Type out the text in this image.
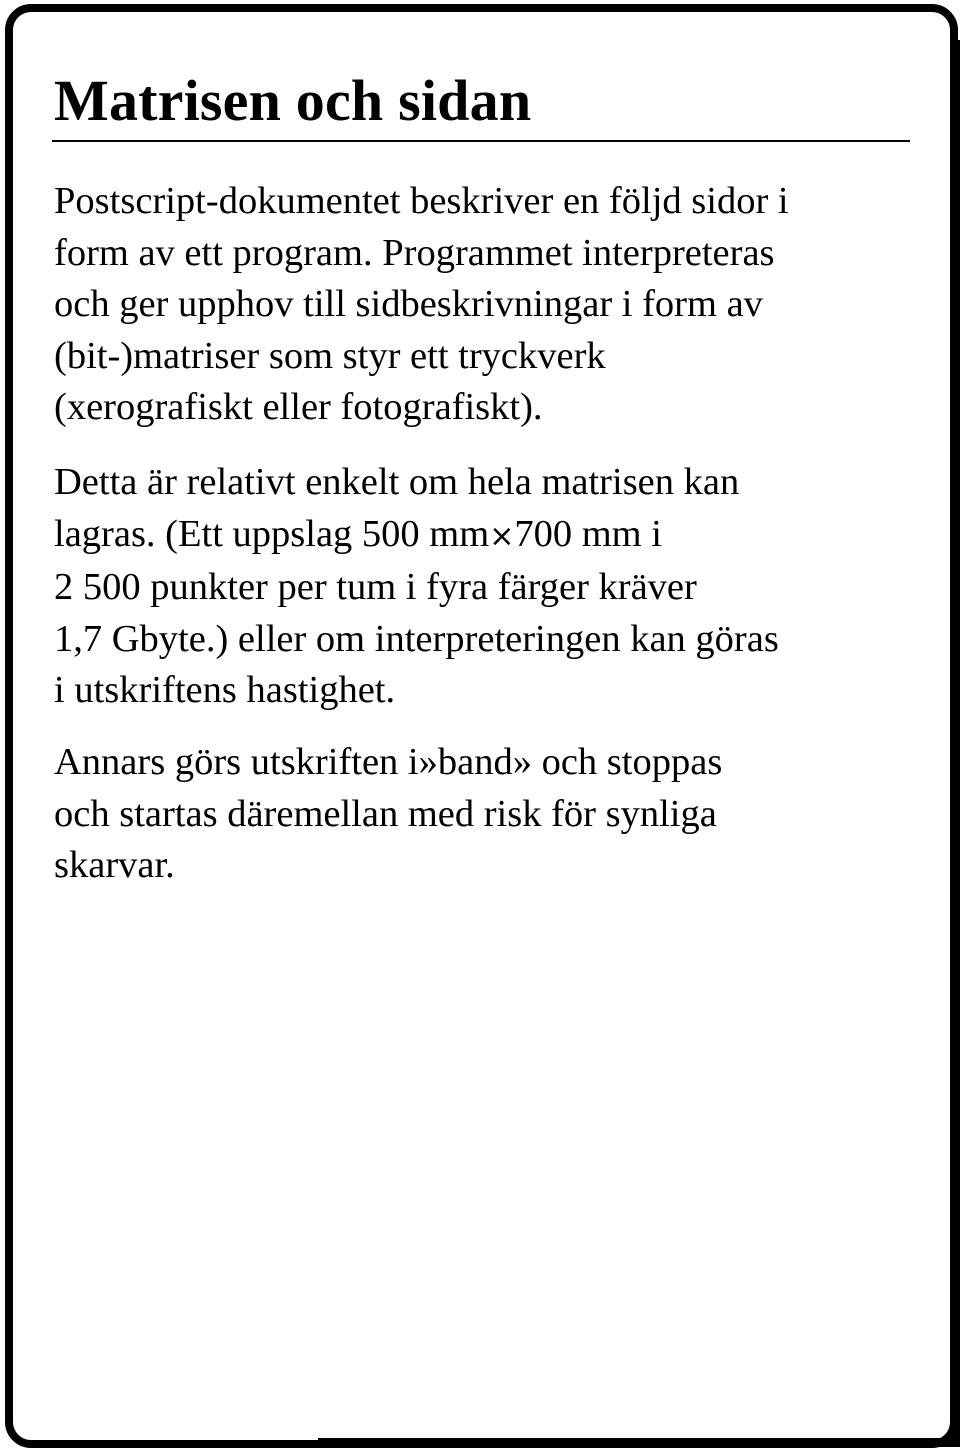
Matrisen och sidan

Postscript-dokumentet beskriver en följd sidor i
form av ett program. Programmet interpreteras
och ger upphov till sidbeskrivningar i form av
(bit-)matriser som styr ett tryckverk
(xerografiskt eller fotografiskt).

Detta är relativt enkelt om hela matrisen kan
lagras. (Ett uppslag 500 mm×700 mm i
2 500 punkter per tum i fyra färger kräver
1,7 Gbyte.) eller om interpreteringen kan göras
i utskriftens hastighet.

Annars görs utskriften i»band» och stoppas
och startas däremellan med risk för synliga
skarvar.
